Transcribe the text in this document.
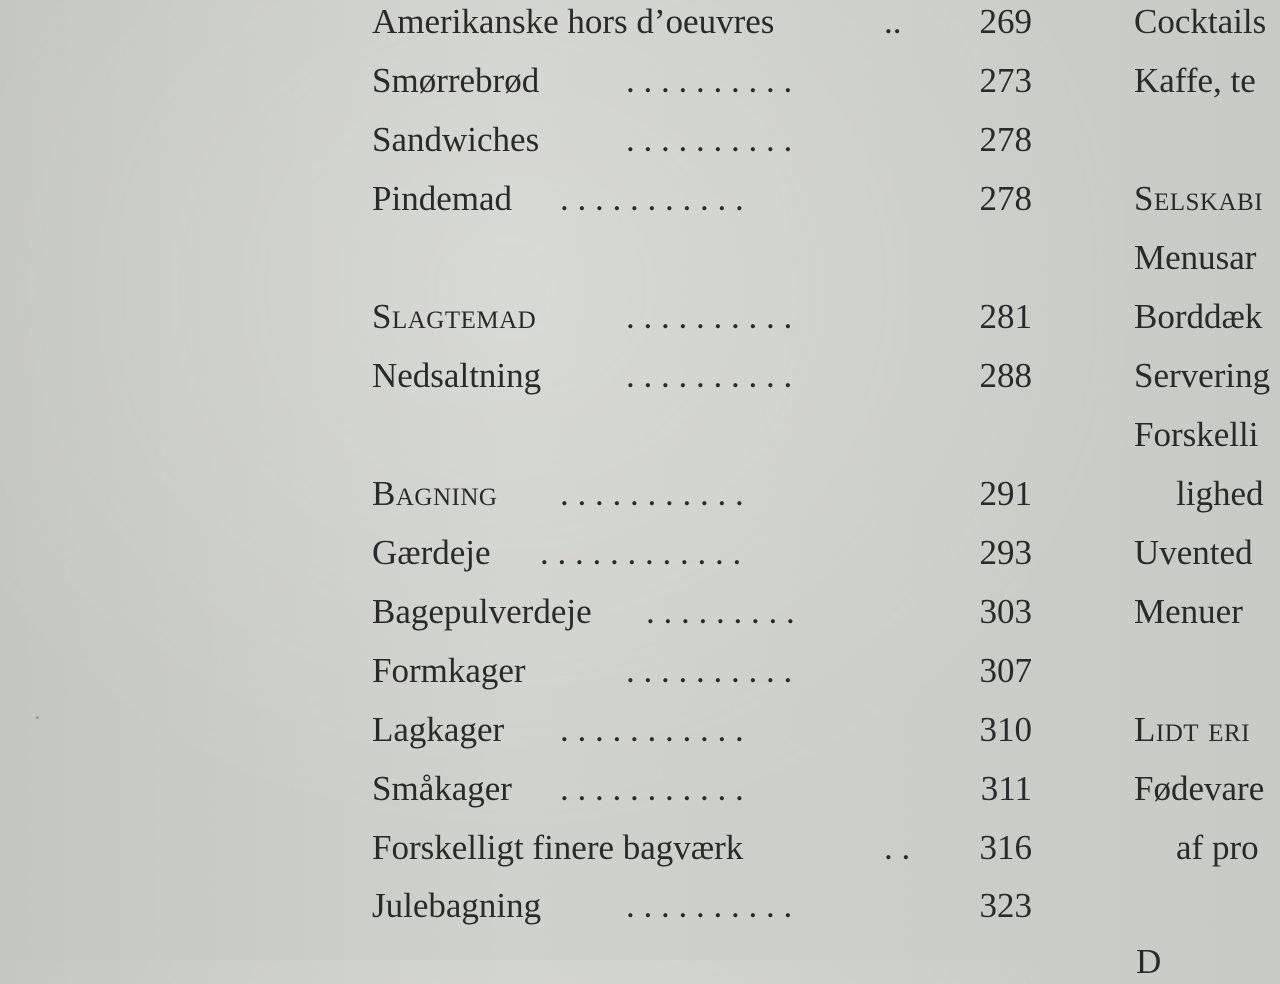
Amerikanske hors d’oeuvres	..	269
Smørrebrød . . . . . . . . . .	273
Sandwiches . . . . . . . . . .	278
Pindemad . . . . . . . . . . .	278
Slagtemad	. . . . . . . . . .	281
Nedsaltning . . . . . . . . . .	288
Bagning . . . . . . . . . . .	291
Gærdeje . . . . . . . . . . . .	293
Bagepulverdeje . . . . . . . . .	303
Formkager	. . . . . . . . . .	307
Lagkager . . . . . . . . . . .	310
Småkager . . . . . . . . . . .	311
Forskelligt finere bagværk	. .	316
Julebagning . . . . . . . . . .	323
Cocktails
Kaffe, te
Selskabi
Menusar
Borddæk
Servering
Forskelli
lighed
Uvented
Menuer
Lidt eri
Fødevare
af pro
D
